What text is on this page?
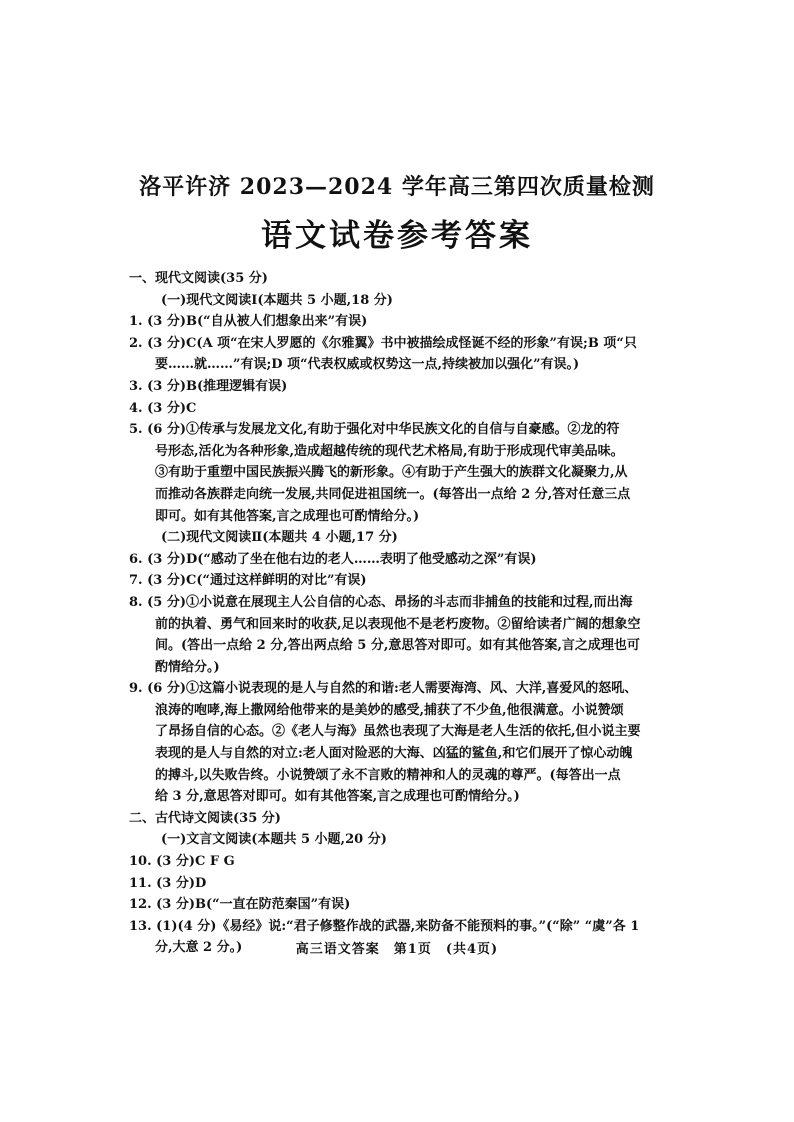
洛平许济 2023—2024 学年高三第四次质量检测
语文试卷参考答案
一、现代文阅读(35 分)
(一)现代文阅读Ⅰ(本题共 5 小题,18 分)
1. (3 分)B(“自从被人们想象出来”有误)
2. (3 分)C(A 项“在宋人罗愿的《尔雅翼》书中被描绘成怪诞不经的形象”有误;B 项“只
要……就……”有误;D 项“代表权威或权势这一点,持续被加以强化”有误。)
3. (3 分)B(推理逻辑有误)
4. (3 分)C
5. (6 分)①传承与发展龙文化,有助于强化对中华民族文化的自信与自豪感。②龙的符
号形态,活化为各种形象,造成超越传统的现代艺术格局,有助于形成现代审美品味。
③有助于重塑中国民族振兴腾飞的新形象。④有助于产生强大的族群文化凝聚力,从
而推动各族群走向统一发展,共同促进祖国统一。(每答出一点给 2 分,答对任意三点
即可。如有其他答案,言之成理也可酌情给分。)
(二)现代文阅读Ⅱ(本题共 4 小题,17 分)
6. (3 分)D(“感动了坐在他右边的老人……表明了他受感动之深”有误)
7. (3 分)C(“通过这样鲜明的对比”有误)
8. (5 分)①小说意在展现主人公自信的心态、昂扬的斗志而非捕鱼的技能和过程,而出海
前的执着、勇气和回来时的收获,足以表现他不是老朽废物。②留给读者广阔的想象空
间。(答出一点给 2 分,答出两点给 5 分,意思答对即可。如有其他答案,言之成理也可
酌情给分。)
9. (6 分)①这篇小说表现的是人与自然的和谐:老人需要海湾、风、大洋,喜爱风的怒吼、
浪涛的咆哮,海上撒网给他带来的是美妙的感受,捕获了不少鱼,他很满意。小说赞颂
了昂扬自信的心态。②《老人与海》虽然也表现了大海是老人生活的依托,但小说主要
表现的是人与自然的对立:老人面对险恶的大海、凶猛的鲨鱼,和它们展开了惊心动魄
的搏斗,以失败告终。小说赞颂了永不言败的精神和人的灵魂的尊严。(每答出一点
给 3 分,意思答对即可。如有其他答案,言之成理也可酌情给分。)
二、古代诗文阅读(35 分)
(一)文言文阅读(本题共 5 小题,20 分)
10. (3 分)C F G
11. (3 分)D
12. (3 分)B(“一直在防范秦国”有误)
13. (1)(4 分)《易经》说:“君子修整作战的武器,来防备不能预料的事。”(“除” “虞”各 1
分,大意 2 分。)	高三语文答案　第1页　(共4页)
